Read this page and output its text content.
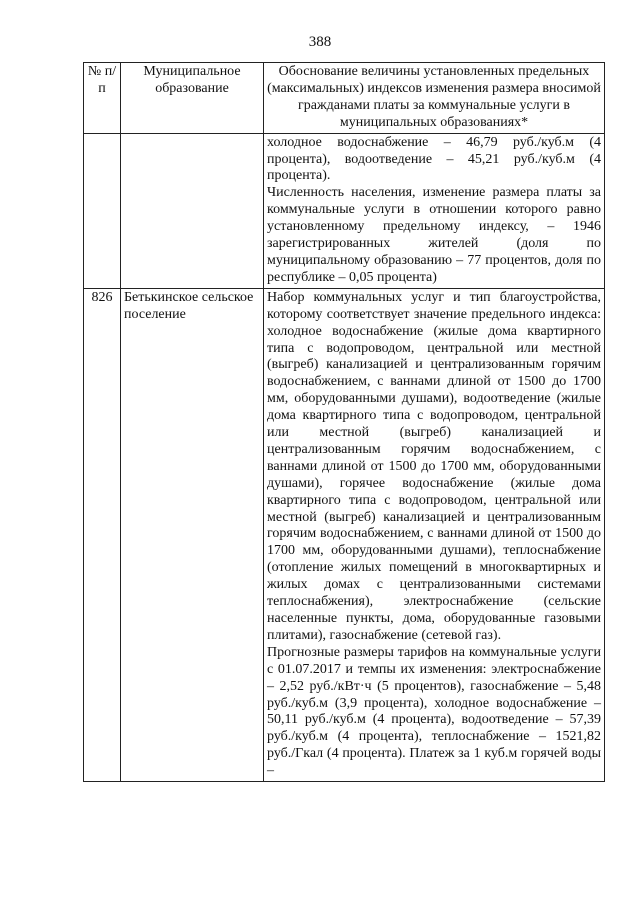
388
№ п/п	Муниципальное образование	Обоснование величины установленных предельных (максимальных) индексов изменения размера вносимой гражданами платы за коммунальные услуги в муниципальных образованиях*

		холодное водоснабжение – 46,79 руб./куб.м (4 процента), водоотведение – 45,21 руб./куб.м (4 процента).

Численность населения, изменение размера платы за коммунальные услуги в отношении которого равно установленному предельному индексу, – 1946 зарегистрированных жителей (доля по муниципальному образованию – 77 процентов, доля по республике – 0,05 процента)

826	Бетькинское сельское поселение	Набор коммунальных услуг и тип благоустройства, которому соответствует значение предельного индекса: холодное водоснабжение (жилые дома квартирного типа с водопроводом, центральной или местной (выгреб) канализацией и централизованным горячим водоснабжением, с ваннами длиной от 1500 до 1700 мм, оборудованными душами), водоотведение (жилые дома квартирного типа с водопроводом, центральной или местной (выгреб) канализацией и централизованным горячим водоснабжением, с ваннами длиной от 1500 до 1700 мм, оборудованными душами), горячее водоснабжение (жилые дома квартирного типа с водопроводом, центральной или местной (выгреб) канализацией и централизованным горячим водоснабжением, с ваннами длиной от 1500 до 1700 мм, оборудованными душами), теплоснабжение (отопление жилых помещений в многоквартирных и жилых домах с централизованными системами теплоснабжения), электроснабжение (сельские населенные пункты, дома, оборудованные газовыми плитами), газоснабжение (сетевой газ).

Прогнозные размеры тарифов на коммунальные услуги с 01.07.2017 и темпы их изменения: электроснабжение – 2,52 руб./кВт·ч (5 процентов), газоснабжение – 5,48 руб./куб.м (3,9 процента), холодное водоснабжение – 50,11 руб./куб.м (4 процента), водоотведение – 57,39 руб./куб.м (4 процента), теплоснабжение – 1521,82 руб./Гкал (4 процента). Платеж за 1 куб.м горячей воды –
